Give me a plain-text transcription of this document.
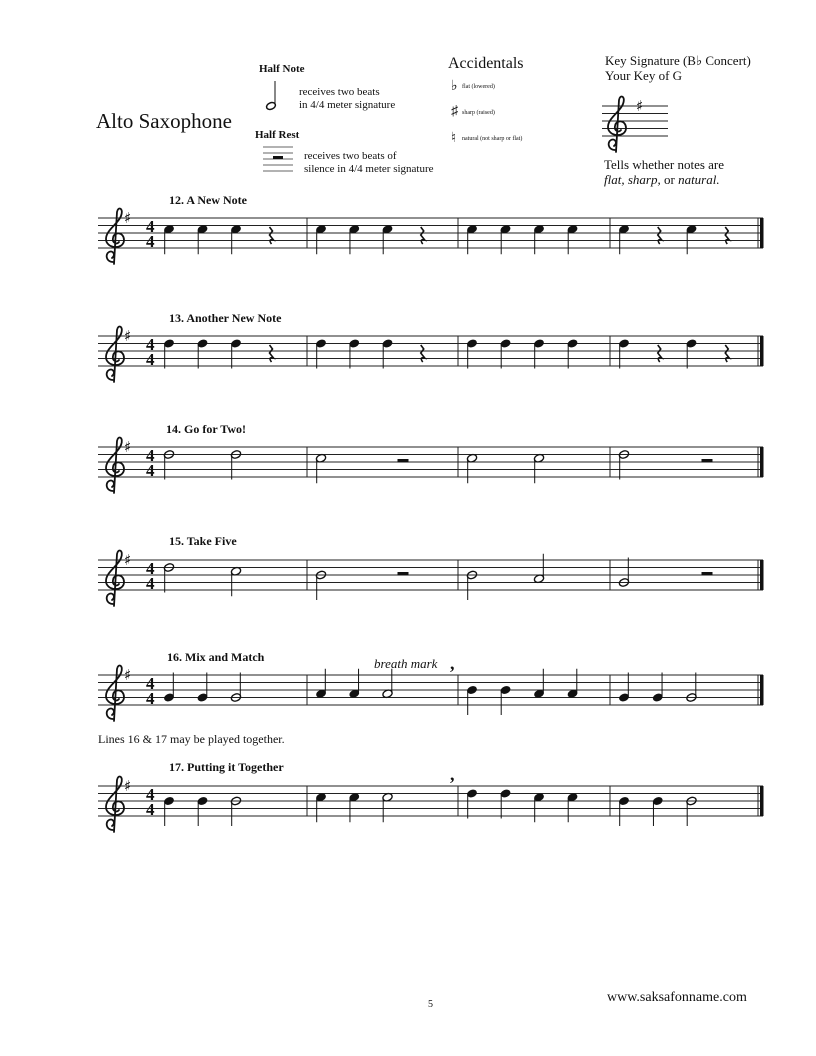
Alto Saxophone
Half Note
receives two beats
in 4/4 meter signature
Half Rest
receives two beats of
silence in 4/4 meter signature
Accidentals
♭ flat (lowered)
♯ sharp (raised)
♮ natural (not sharp or flat)
Key Signature (B♭ Concert)
Your Key of G
♯
Tells whether notes are
flat, sharp, or natural.
12. A New Note
♯ 4
4
♯ 4
4
♯ 4
4
♯ 4
4
♯ 4
4
,
♯ 4
4
,
13. Another New Note
14. Go for Two!
15. Take Five
16. Mix and Match	breath mark
Lines 16 & 17 may be played together.
17. Putting it Together
5	www.saksafonname.com
